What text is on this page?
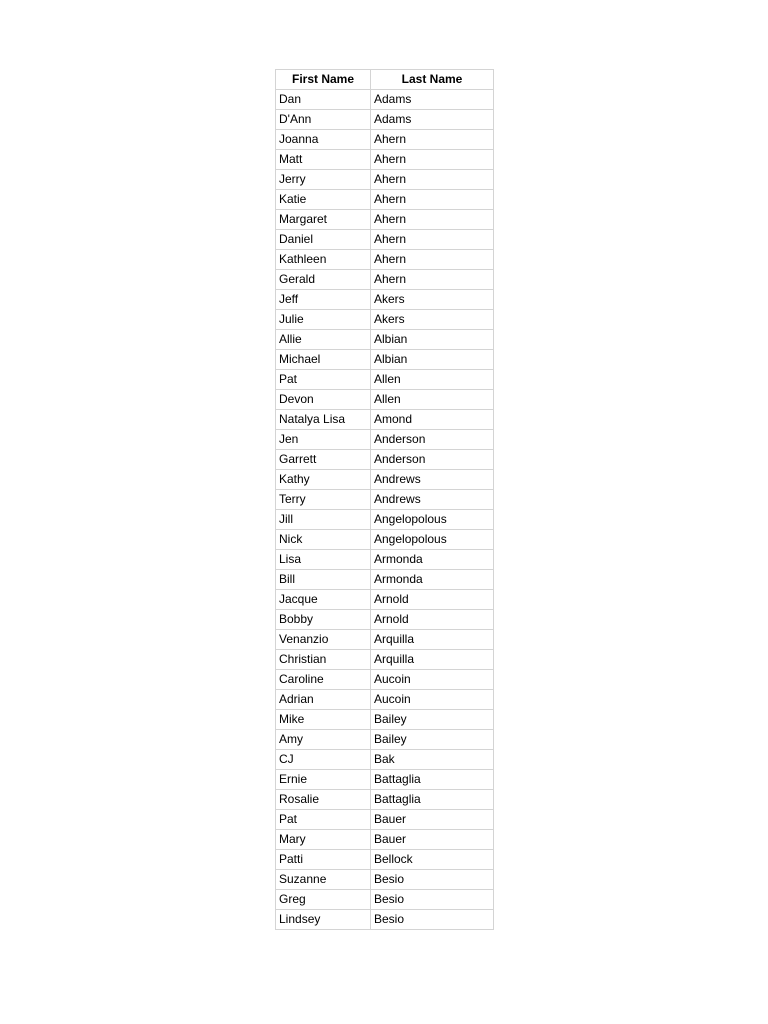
First Name	Last Name
Dan	Adams
D'Ann	Adams
Joanna	Ahern
Matt	Ahern
Jerry	Ahern
Katie	Ahern
Margaret	Ahern
Daniel	Ahern
Kathleen	Ahern
Gerald	Ahern
Jeff	Akers
Julie	Akers
Allie	Albian
Michael	Albian
Pat	Allen
Devon	Allen
Natalya Lisa	Amond
Jen	Anderson
Garrett	Anderson
Kathy	Andrews
Terry	Andrews
Jill	Angelopolous
Nick	Angelopolous
Lisa	Armonda
Bill	Armonda
Jacque	Arnold
Bobby	Arnold
Venanzio	Arquilla
Christian	Arquilla
Caroline	Aucoin
Adrian	Aucoin
Mike	Bailey
Amy	Bailey
CJ	Bak
Ernie	Battaglia
Rosalie	Battaglia
Pat	Bauer
Mary	Bauer
Patti	Bellock
Suzanne	Besio
Greg	Besio
Lindsey	Besio
